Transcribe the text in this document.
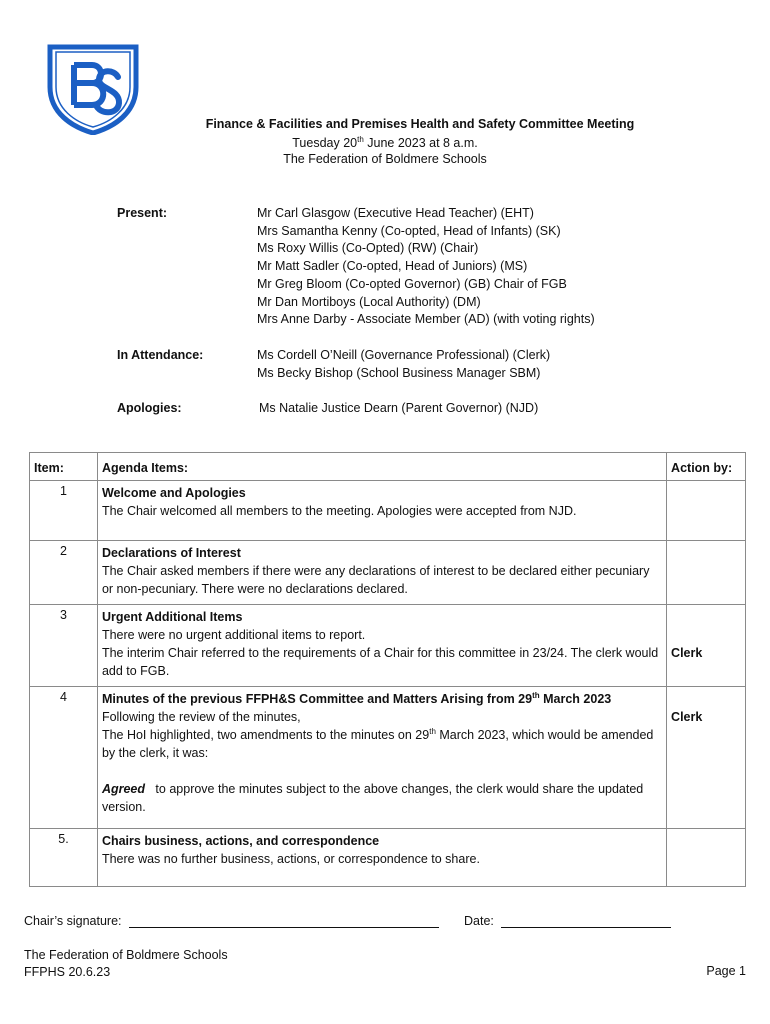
Finance & Facilities and Premises Health and Safety Committee Meeting
Tuesday 20th June 2023 at 8 a.m.
The Federation of Boldmere Schools
Present:	Mr Carl Glasgow (Executive Head Teacher) (EHT)
Mrs Samantha Kenny (Co-opted, Head of Infants) (SK)
Ms Roxy Willis (Co-Opted) (RW) (Chair)
Mr Matt Sadler (Co-opted, Head of Juniors) (MS)
Mr Greg Bloom (Co-opted Governor) (GB) Chair of FGB
Mr Dan Mortiboys (Local Authority) (DM)
Mrs Anne Darby - Associate Member (AD) (with voting rights)
In Attendance:	Ms Cordell O’Neill (Governance Professional) (Clerk)
Ms Becky Bishop (School Business Manager SBM)
Apologies:	Ms Natalie Justice Dearn (Parent Governor) (NJD)
Item:	Agenda Items:	Action by:
1	Welcome and Apologies
The Chair welcomed all members to the meeting. Apologies were accepted from NJD.	

2	Declarations of Interest
The Chair asked members if there were any declarations of interest to be declared either pecuniary or non-pecuniary. There were no declarations declared.	

3	Urgent Additional Items
There were no urgent additional items to report.
The interim Chair referred to the requirements of a Chair for this committee in 23/24. The clerk would add to FGB.	Clerk
4	Minutes of the previous FFPH&S Committee and Matters Arising from 29th March 2023
Following the review of the minutes,
The HoI highlighted, two amendments to the minutes on 29th March 2023, which would be amended by the clerk, it was:
Agreed   to approve the minutes subject to the above changes, the clerk would share the updated version.	Clerk
5.	Chairs business, actions, and correspondence
There was no further business, actions, or correspondence to share.	

Chair’s signature:	Date:
The Federation of Boldmere Schools
FFPHS 20.6.23	Page 1
